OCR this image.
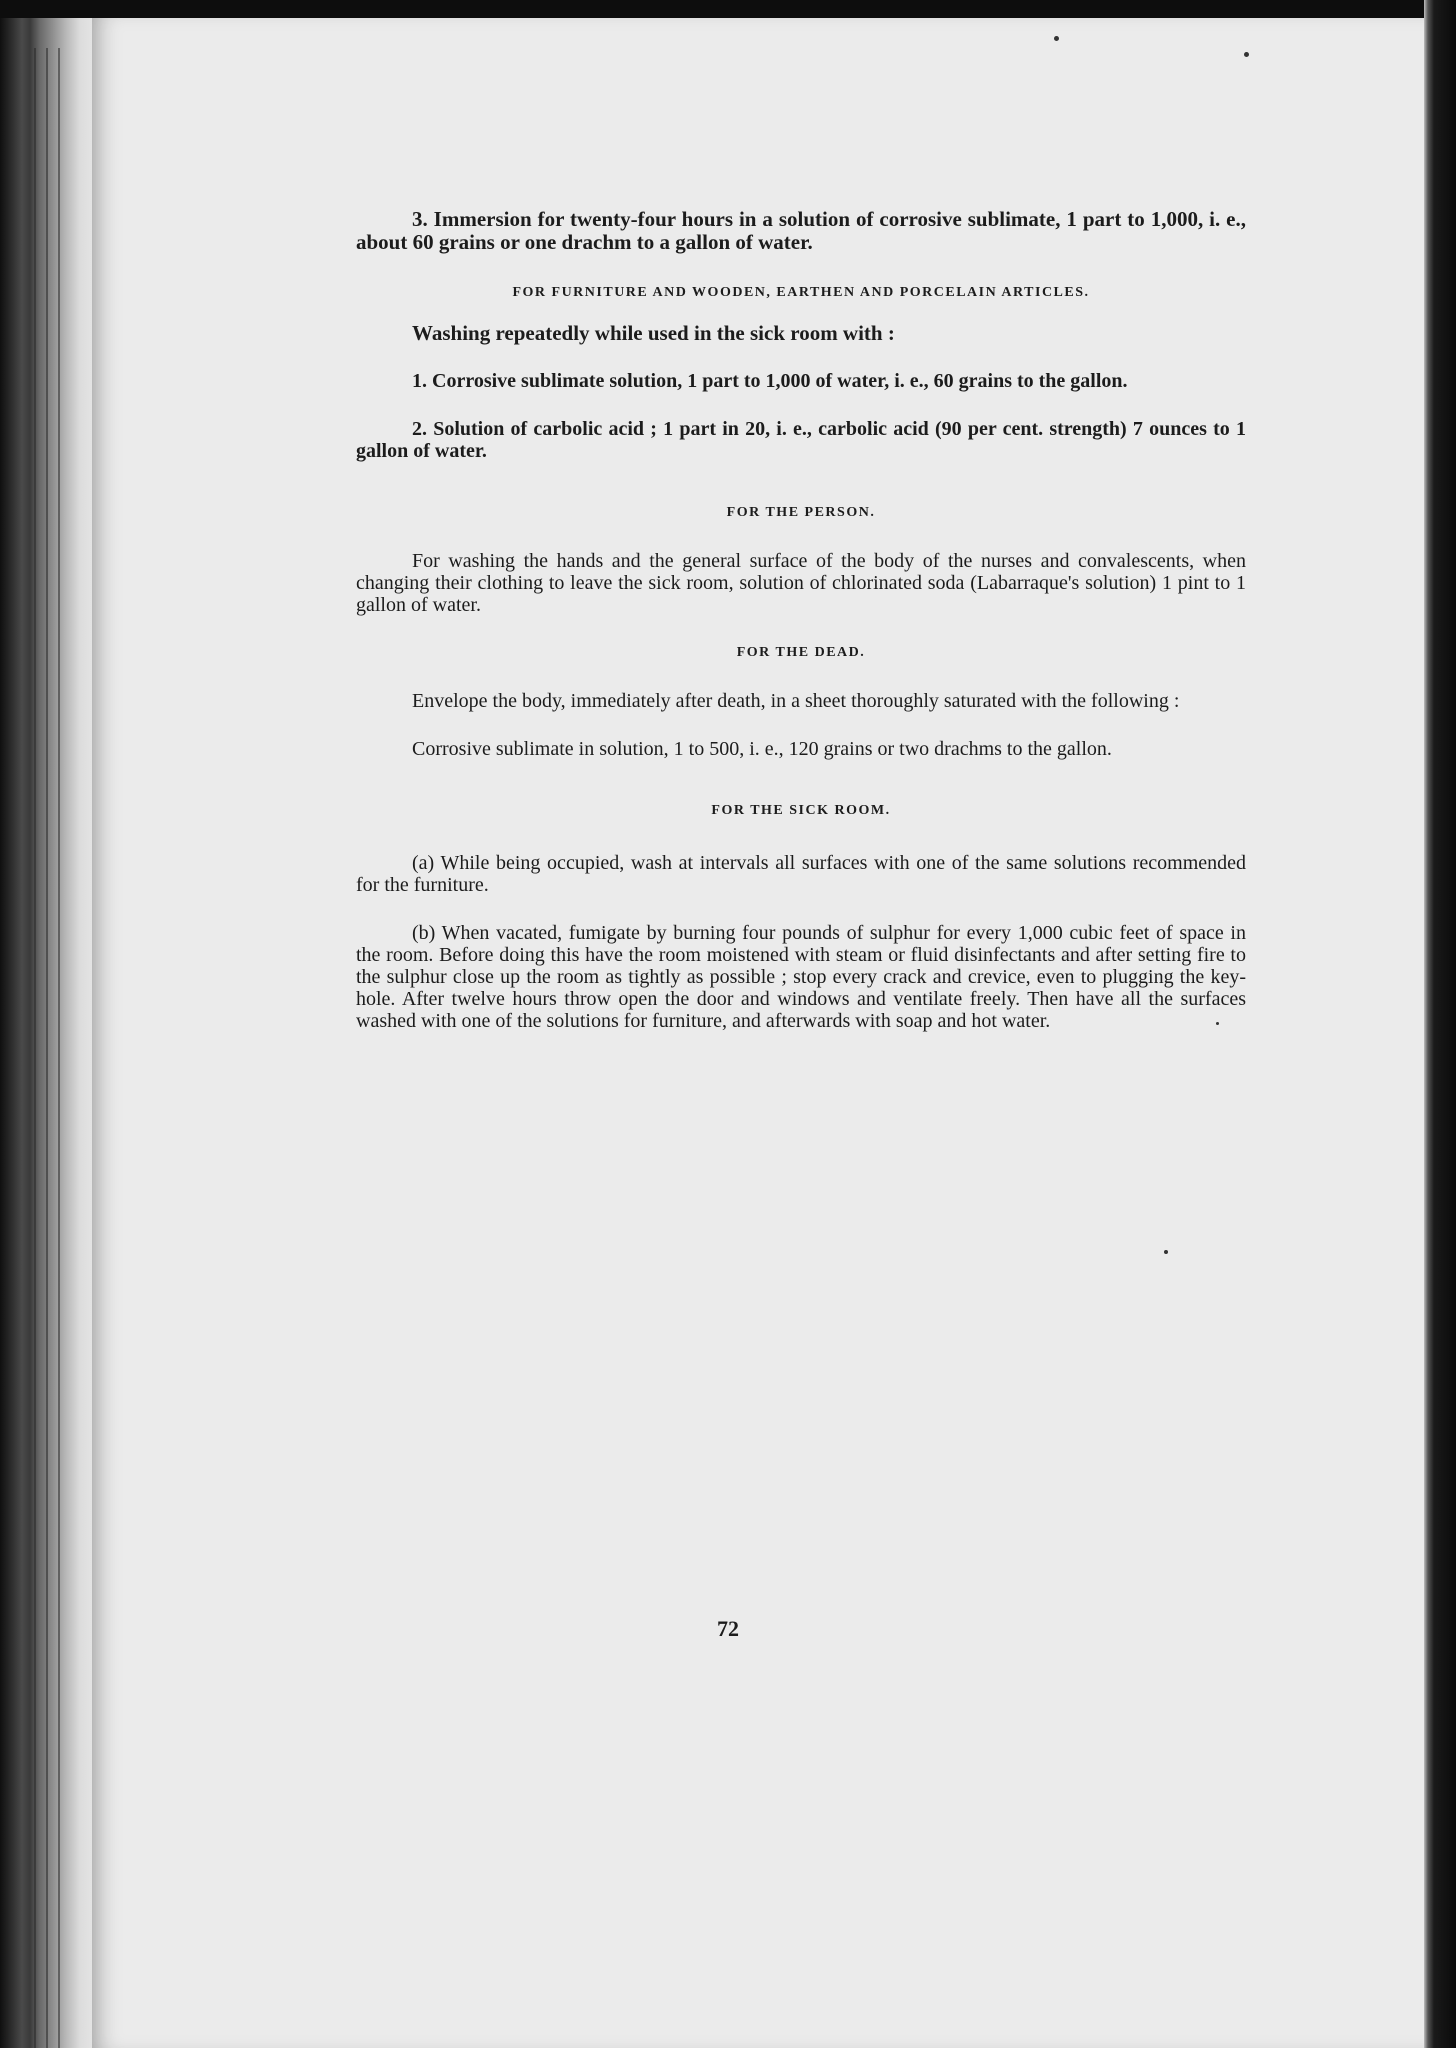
3. Immersion for twenty-four hours in a solution of corrosive sublimate, 1 part to 1,000, i. e., about 60 grains or one drachm to a gallon of water.

FOR FURNITURE AND WOODEN, EARTHEN AND PORCELAIN ARTICLES.

Washing repeatedly while used in the sick room with :

1. Corrosive sublimate solution, 1 part to 1,000 of water, i. e., 60 grains to the gallon.

2. Solution of carbolic acid ; 1 part in 20, i. e., carbolic acid (90 per cent. strength) 7 ounces to 1 gallon of water.

FOR THE PERSON.

For washing the hands and the general surface of the body of the nurses and convalescents, when changing their clothing to leave the sick room, solution of chlorinated soda (Labarraque's solution) 1 pint to 1 gallon of water.

FOR THE DEAD.

Envelope the body, immediately after death, in a sheet thoroughly saturated with the following :

Corrosive sublimate in solution, 1 to 500, i. e., 120 grains or two drachms to the gallon.

FOR THE SICK ROOM.

(a) While being occupied, wash at intervals all surfaces with one of the same solutions recommended for the furniture.

(b) When vacated, fumigate by burning four pounds of sulphur for every 1,000 cubic feet of space in the room. Before doing this have the room moistened with steam or fluid disinfectants and after setting fire to the sulphur close up the room as tightly as possible ; stop every crack and crevice, even to plugging the key-hole. After twelve hours throw open the door and windows and ventilate freely. Then have all the surfaces washed with one of the solutions for furniture, and afterwards with soap and hot water.

72
